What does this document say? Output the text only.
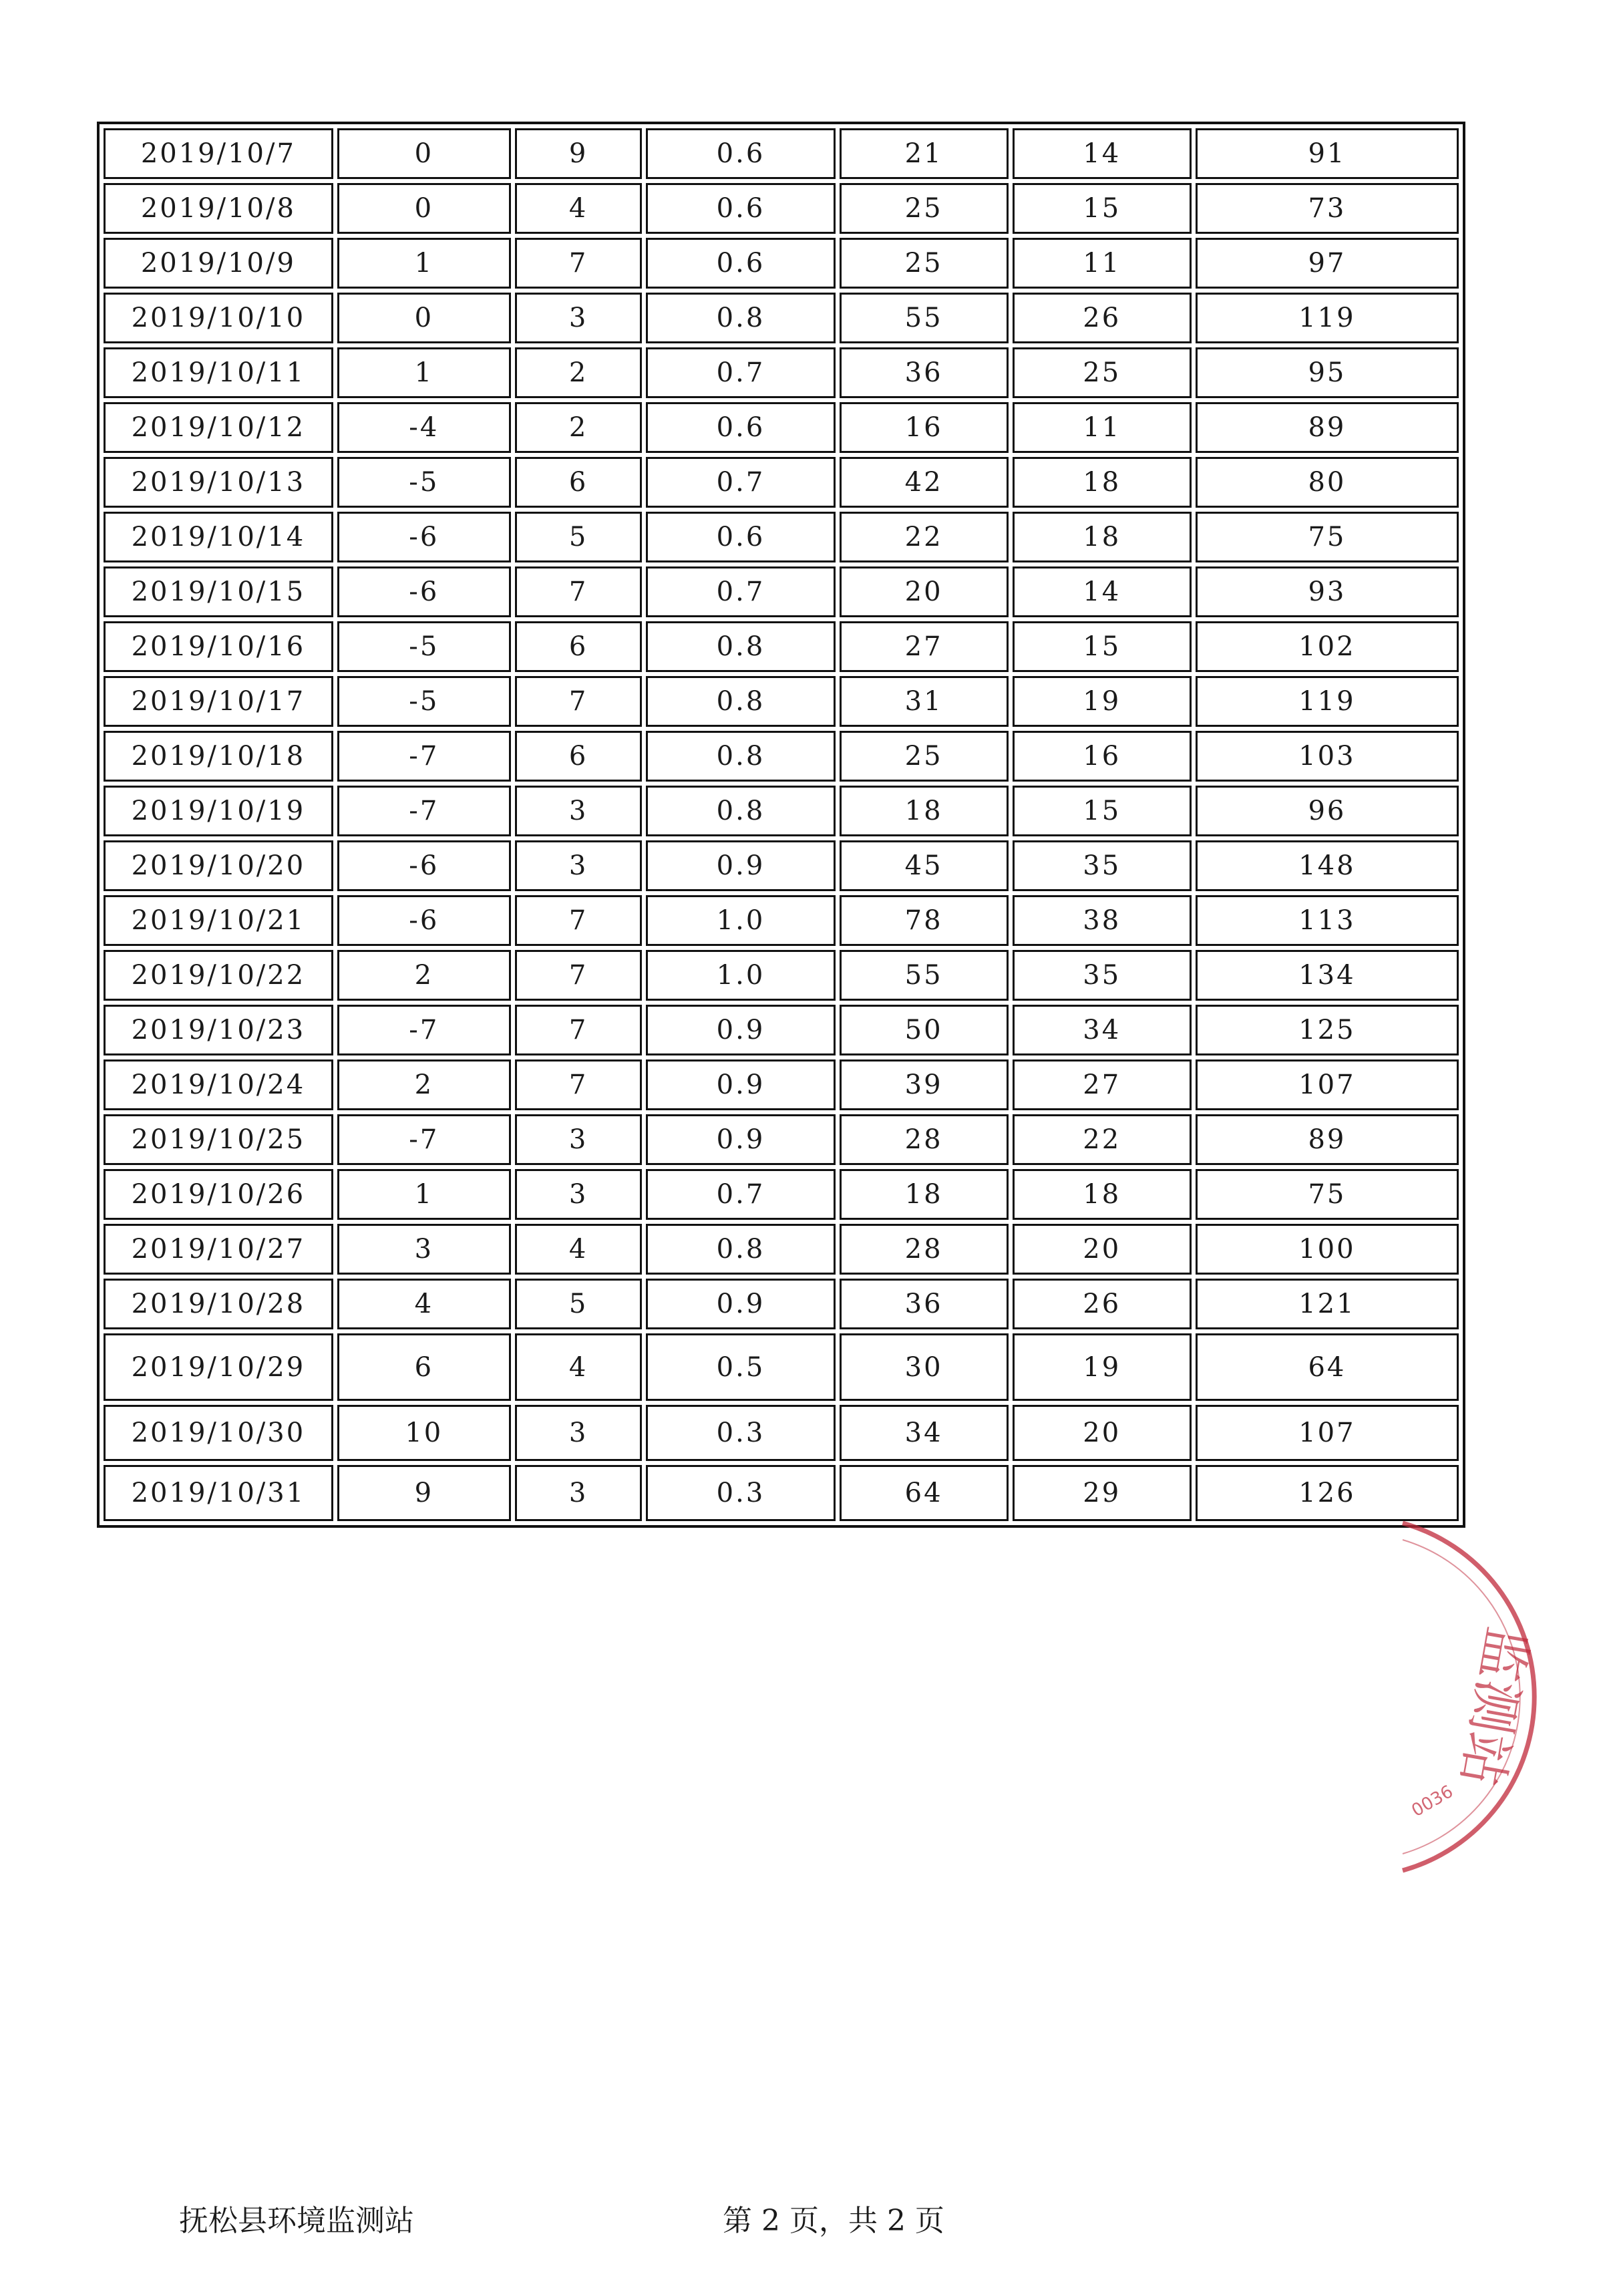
2019/10/7	0	9	0.6	21	14	91
2019/10/8	0	4	0.6	25	15	73
2019/10/9	1	7	0.6	25	11	97
2019/10/10	0	3	0.8	55	26	119
2019/10/11	1	2	0.7	36	25	95
2019/10/12	-4	2	0.6	16	11	89
2019/10/13	-5	6	0.7	42	18	80
2019/10/14	-6	5	0.6	22	18	75
2019/10/15	-6	7	0.7	20	14	93
2019/10/16	-5	6	0.8	27	15	102
2019/10/17	-5	7	0.8	31	19	119
2019/10/18	-7	6	0.8	25	16	103
2019/10/19	-7	3	0.8	18	15	96
2019/10/20	-6	3	0.9	45	35	148
2019/10/21	-6	7	1.0	78	38	113
2019/10/22	2	7	1.0	55	35	134
2019/10/23	-7	7	0.9	50	34	125
2019/10/24	2	7	0.9	39	27	107
2019/10/25	-7	3	0.9	28	22	89
2019/10/26	1	3	0.7	18	18	75
2019/10/27	3	4	0.8	28	20	100
2019/10/28	4	5	0.9	36	26	121
2019/10/29	6	4	0.5	30	19	64
2019/10/30	10	3	0.3	34	20	107
2019/10/31	9	3	0.3	64	29	126
抚松县环境监测站	第 2 页，共 2 页
监测站
0036
